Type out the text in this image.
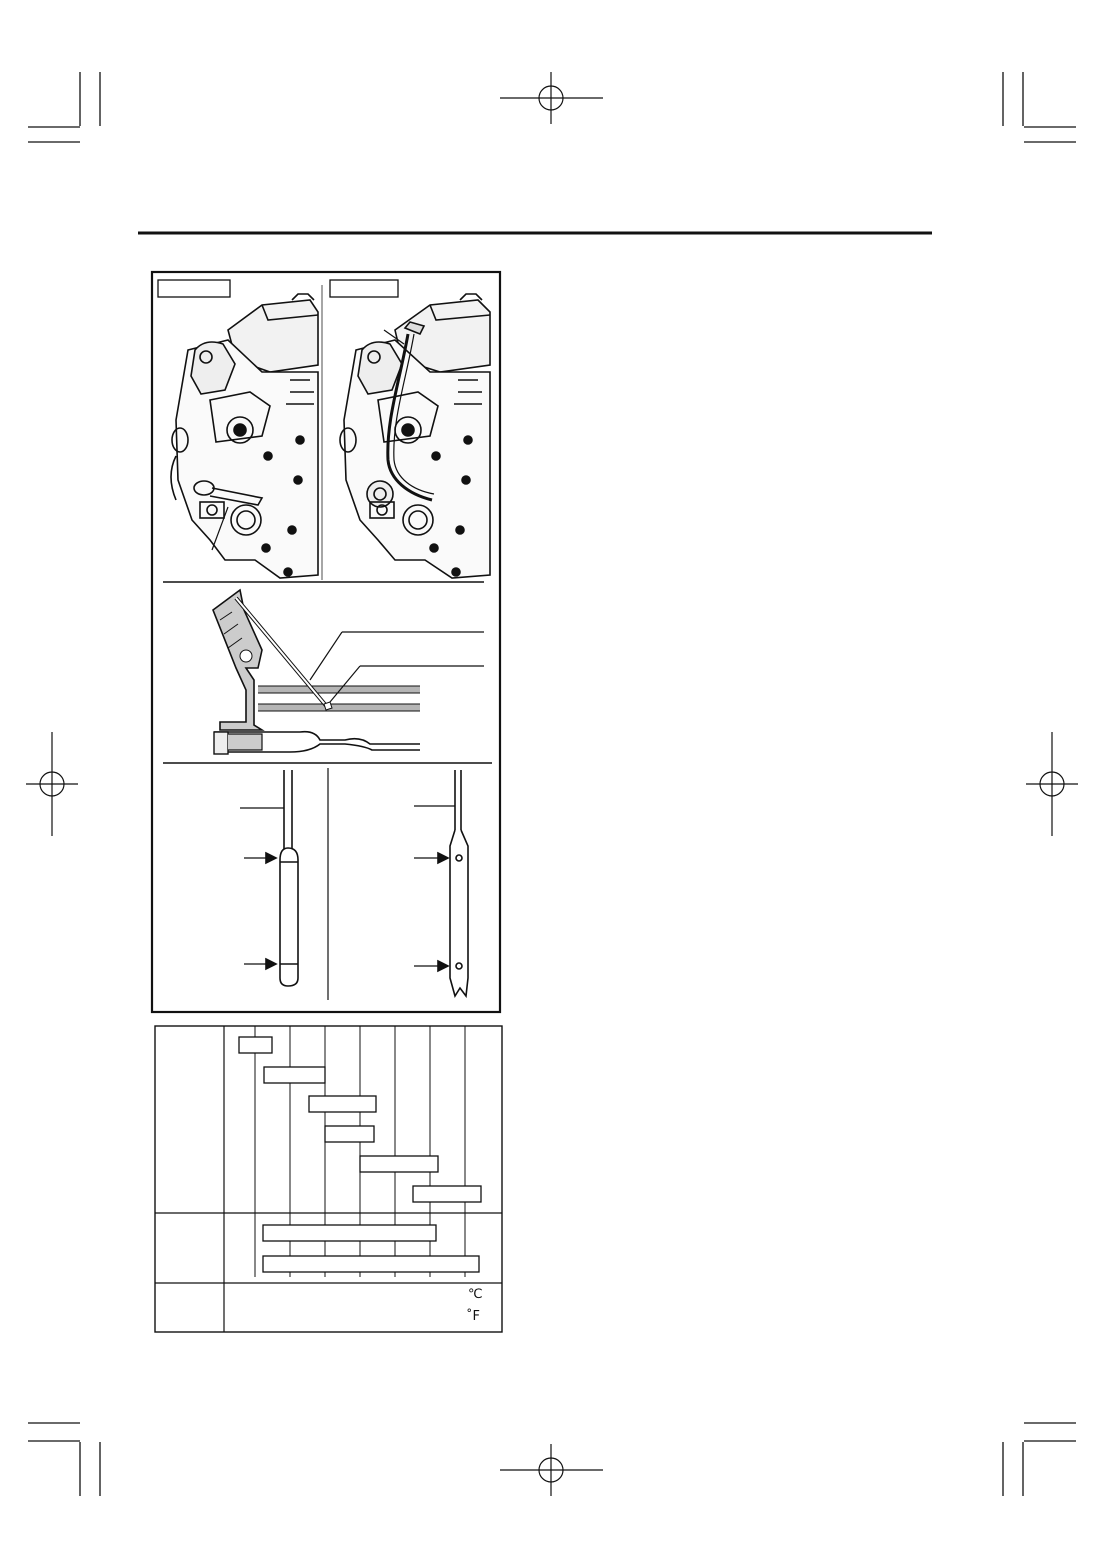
℃
˚F
